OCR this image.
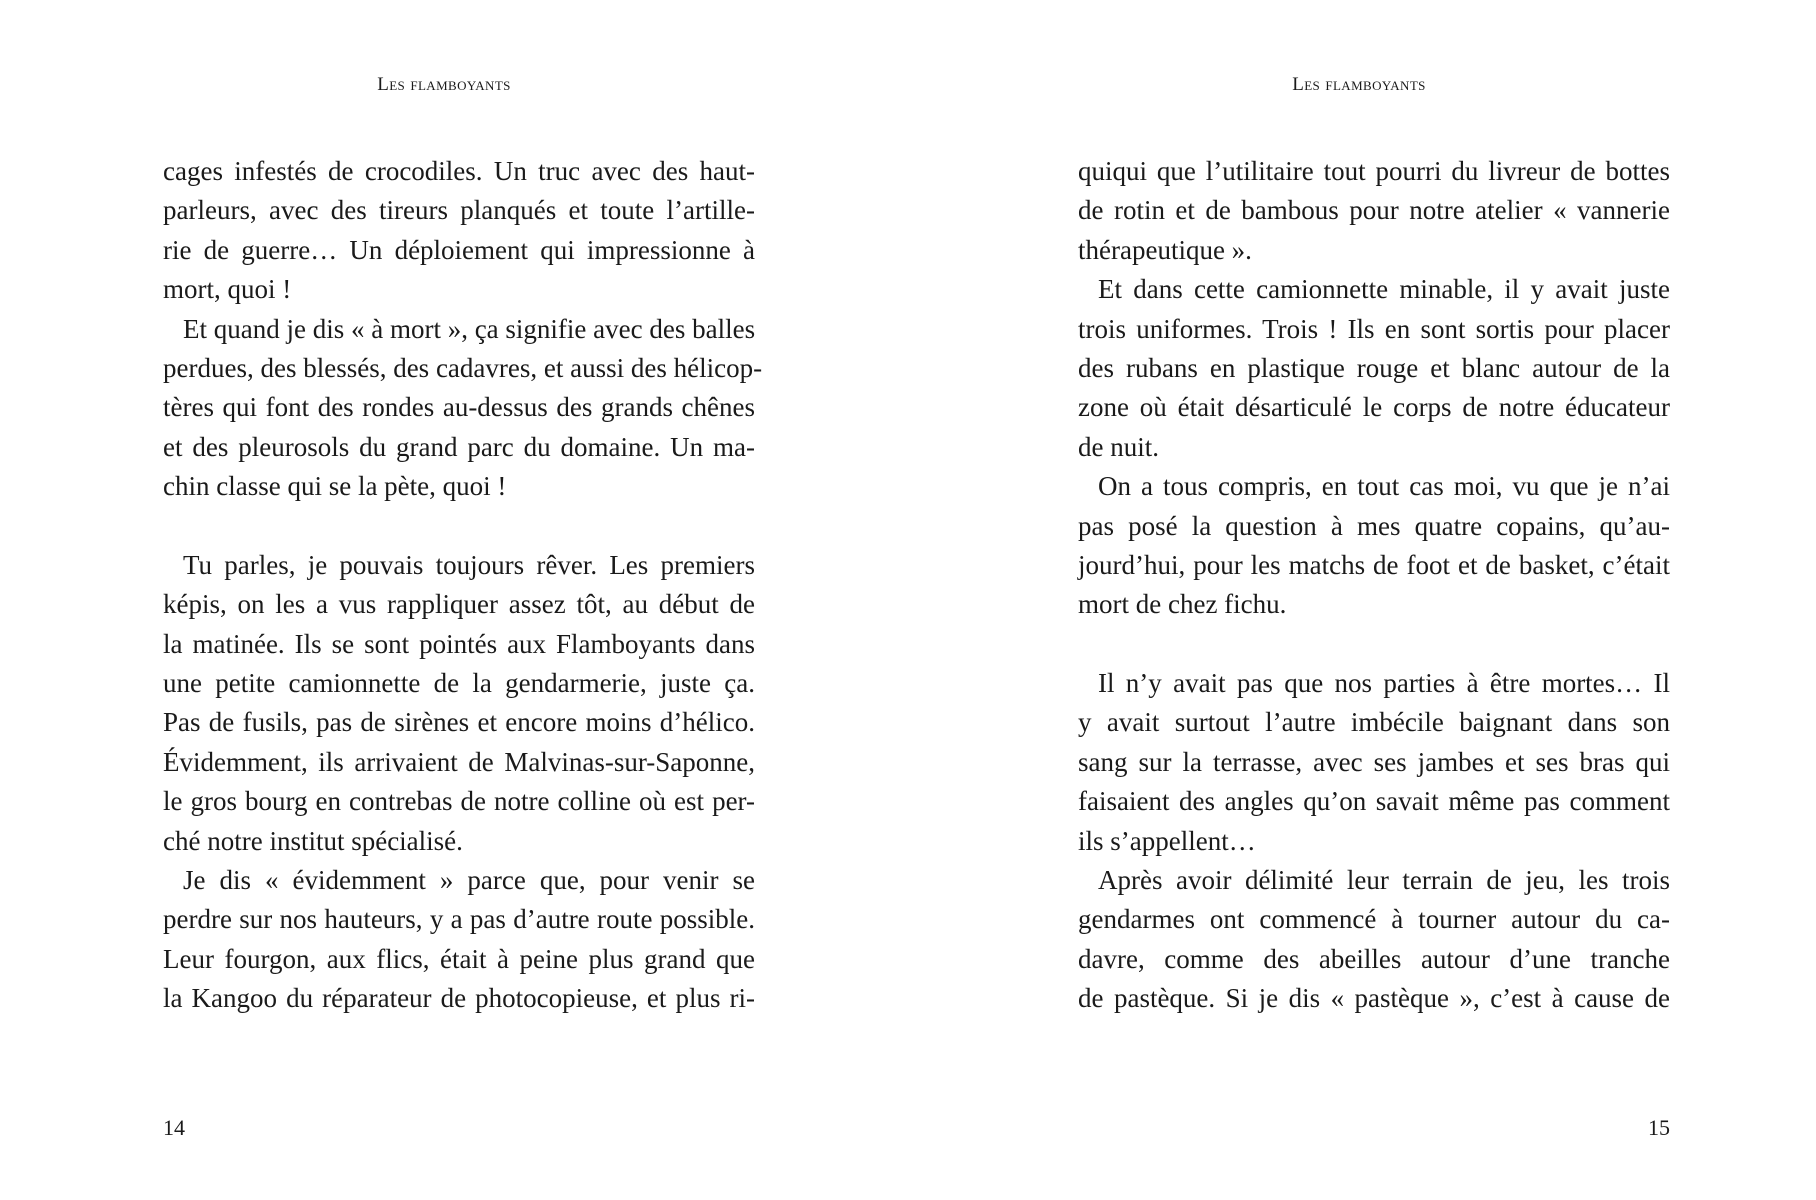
Les flamboyants
cages infestés de crocodiles. Un truc avec des haut-
parleurs, avec des tireurs planqués et toute l’artille-
rie de guerre… Un déploiement qui impressionne à
mort, quoi !
Et quand je dis « à mort », ça signifie avec des balles
perdues, des blessés, des cadavres, et aussi des hélicop-
tères qui font des rondes au-dessus des grands chênes
et des pleurosols du grand parc du domaine. Un ma-
chin classe qui se la pète, quoi !
Tu parles, je pouvais toujours rêver. Les premiers
képis, on les a vus rappliquer assez tôt, au début de
la matinée. Ils se sont pointés aux Flamboyants dans
une petite camionnette de la gendarmerie, juste ça.
Pas de fusils, pas de sirènes et encore moins d’hélico.
Évidemment, ils arrivaient de Malvinas-sur-Saponne,
le gros bourg en contrebas de notre colline où est per-
ché notre institut spécialisé.
Je dis « évidemment » parce que, pour venir se
perdre sur nos hauteurs, y a pas d’autre route possible.
Leur fourgon, aux flics, était à peine plus grand que
la Kangoo du réparateur de photocopieuse, et plus ri-
14
Les flamboyants
quiqui que l’utilitaire tout pourri du livreur de bottes
de rotin et de bambous pour notre atelier « vannerie
thérapeutique ».
Et dans cette camionnette minable, il y avait juste
trois uniformes. Trois ! Ils en sont sortis pour placer
des rubans en plastique rouge et blanc autour de la
zone où était désarticulé le corps de notre éducateur
de nuit.
On a tous compris, en tout cas moi, vu que je n’ai
pas posé la question à mes quatre copains, qu’au-
jourd’hui, pour les matchs de foot et de basket, c’était
mort de chez fichu.
Il n’y avait pas que nos parties à être mortes… Il
y avait surtout l’autre imbécile baignant dans son
sang sur la terrasse, avec ses jambes et ses bras qui
faisaient des angles qu’on savait même pas comment
ils s’appellent…
Après avoir délimité leur terrain de jeu, les trois
gendarmes ont commencé à tourner autour du ca-
davre, comme des abeilles autour d’une tranche
de pastèque. Si je dis « pastèque », c’est à cause de
15
